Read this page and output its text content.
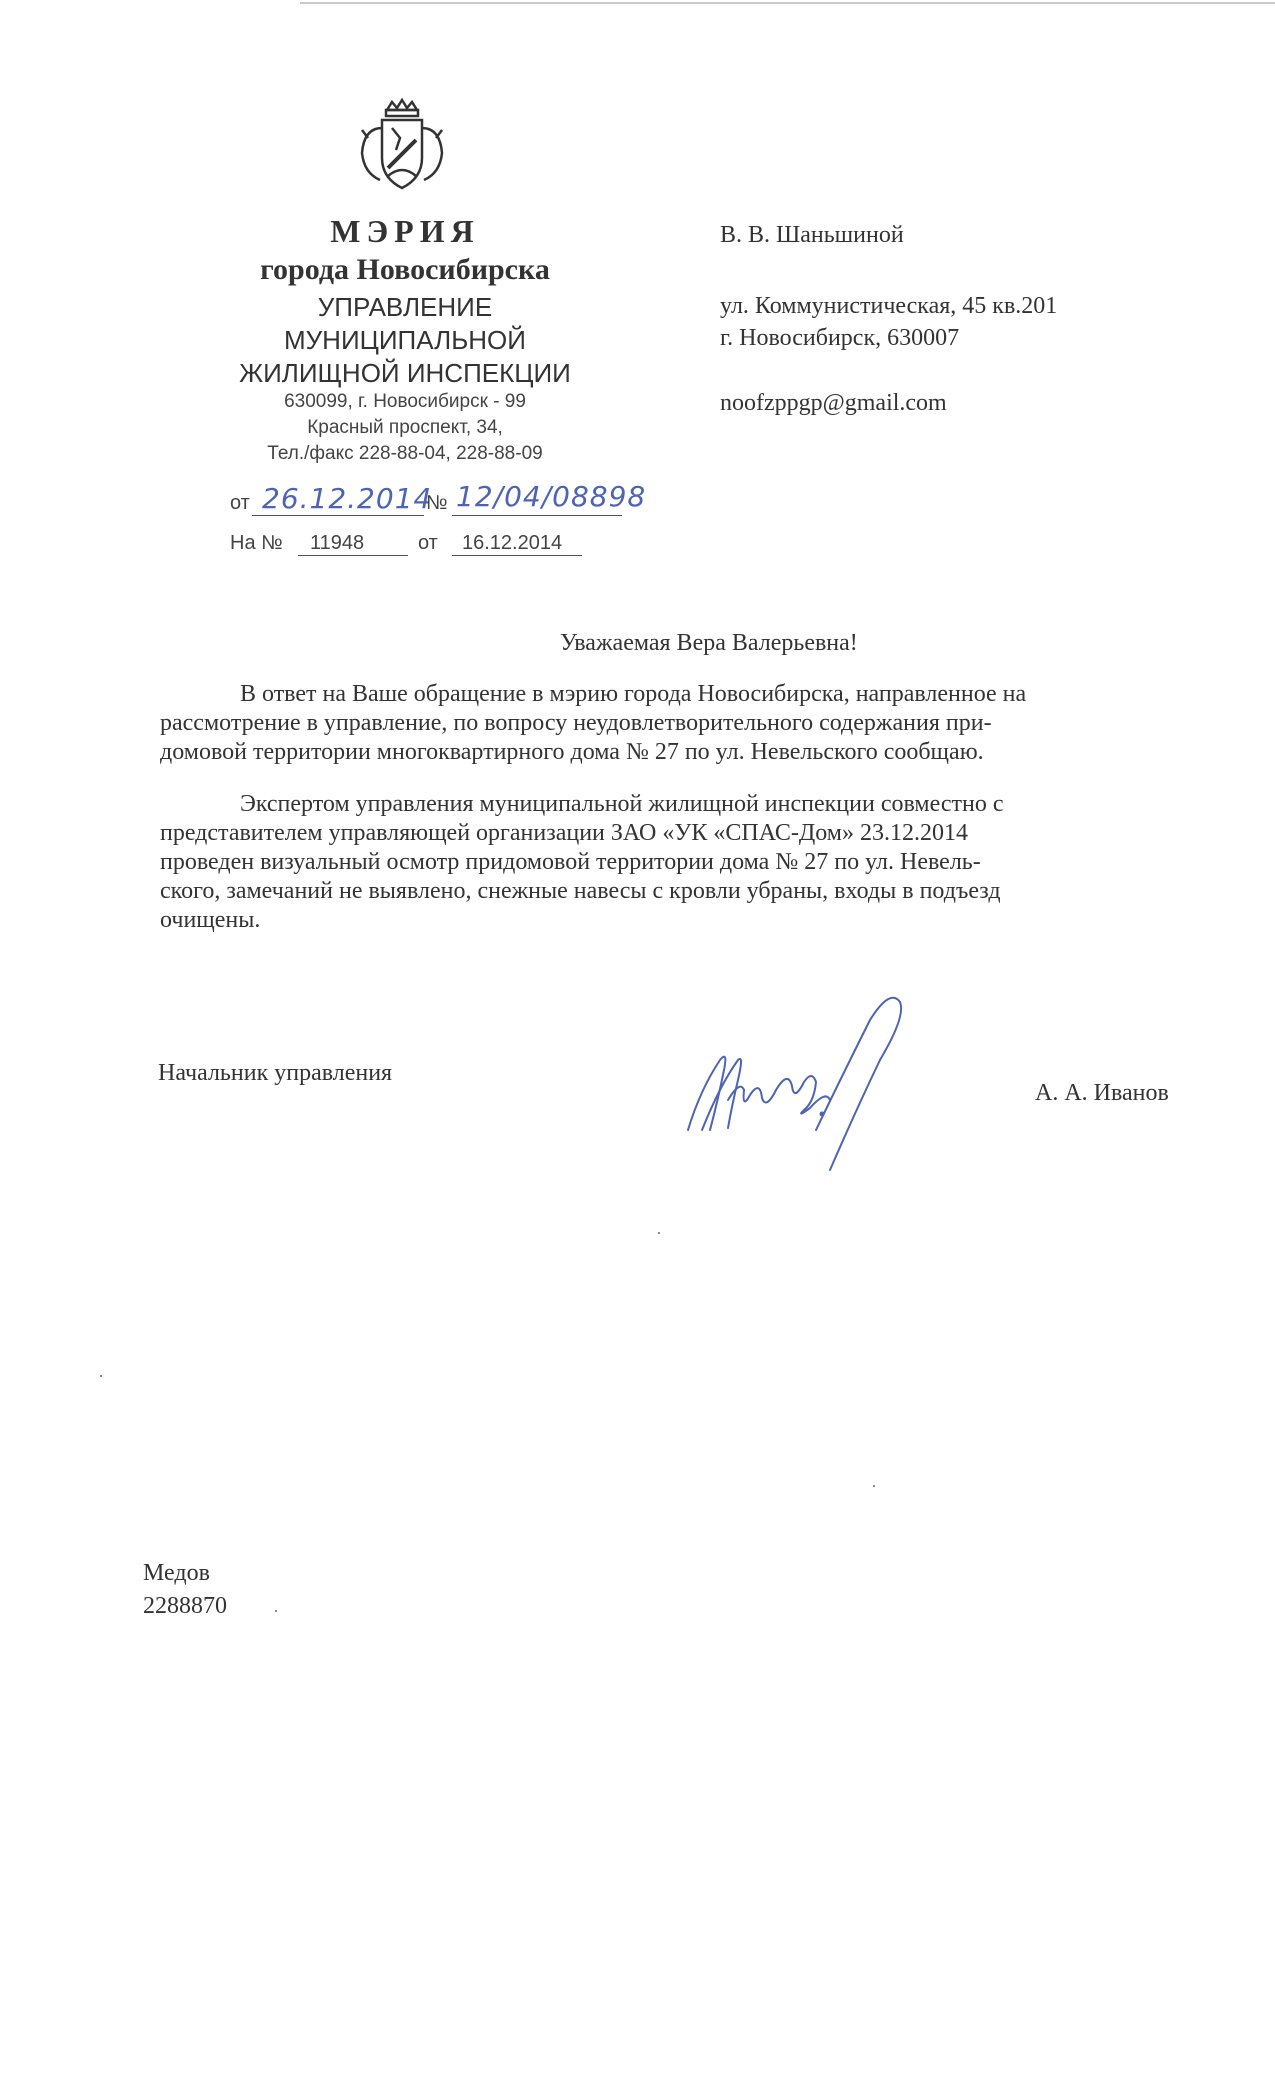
МЭРИЯ
города Новосибирска
УПРАВЛЕНИЕ
МУНИЦИПАЛЬНОЙ
ЖИЛИЩНОЙ ИНСПЕКЦИИ
630099, г. Новосибирск - 99
Красный проспект, 34,
Тел./факс 228-88-04, 228-88-09
от 26.12.2014
№ 12/04/08898
На № 11948	от 16.12.2014
В. В. Шаньшиной
ул. Коммунистическая, 45 кв.201
г. Новосибирск, 630007
noofzppgp@gmail.com
Уважаемая Вера Валерьевна!
В ответ на Ваше обращение в мэрию города Новосибирска, направленное на
рассмотрение в управление, по вопросу неудовлетворительного содержания при-
домовой территории многоквартирного дома № 27 по ул. Невельского сообщаю.
Экспертом управления муниципальной жилищной инспекции совместно с
представителем управляющей организации ЗАО «УК «СПАС-Дом» 23.12.2014
проведен визуальный осмотр придомовой территории дома № 27 по ул. Невель-
ского, замечаний не выявлено, снежные навесы с кровли убраны, входы в подъезд
очищены.
Начальник управления
А. А. Иванов
Медов
2288870
